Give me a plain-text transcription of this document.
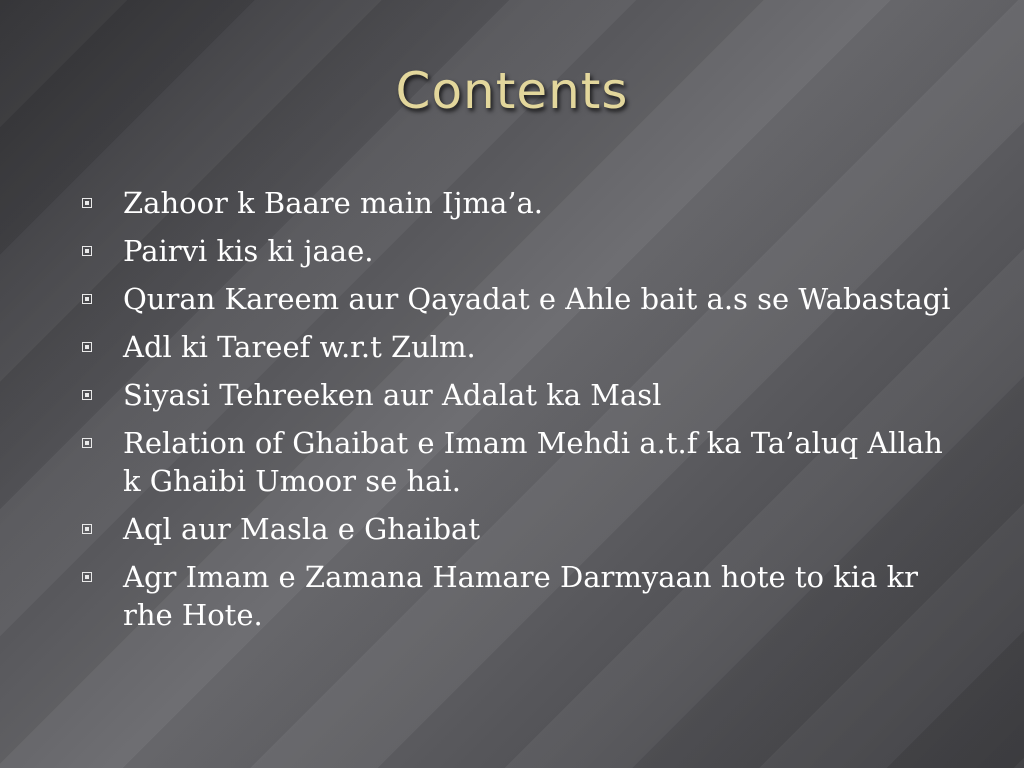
Contents
Zahoor k Baare main Ijma’a.
Pairvi kis ki jaae.
Quran Kareem aur Qayadat e Ahle bait a.s se Wabastagi
Adl ki Tareef w.r.t Zulm.
Siyasi Tehreeken aur Adalat ka Masl
Relation of Ghaibat e Imam Mehdi a.t.f ka Ta’aluq Allah k Ghaibi Umoor se hai.
Aql aur Masla e Ghaibat
Agr Imam e Zamana Hamare Darmyaan hote to kia kr rhe Hote.
